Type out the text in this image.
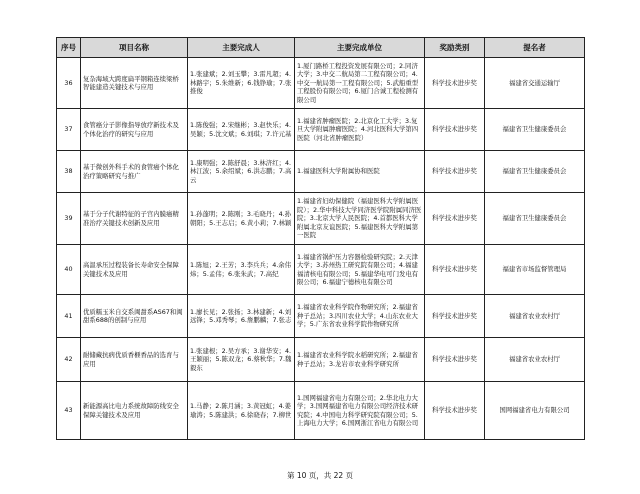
序号	项目名称	主要完成人	主要完成单位	奖励类别	提名者
36	复杂海域大跨度扁平钢箱连续梁桥智能建造关键技术与应用	1.张建斌；2.刘玉攀；3.雷凡超；4.林路宇；5.朱维新；6.钱铮瑜；7.张推俊	1.厦门路桥工程投资发展有限公司；2.同济大学；3.中交二航局第二工程有限公司；4.中交一航局第一工程有限公司；5.武船重型工程股份有限公司；6.厦门合诚工程检测有限公司	科学技术进步奖	福建省交通运输厅
37	食管癌分子影像指导放疗新技术及个体化治疗的研究与应用	1.陈俊强；2.宋继彬；3.赵快乐；4.吴颖；5.沈文斌；6.刘琪；7.许元基	1.福建省肿瘤医院；2.北京化工大学；3.复旦大学附属肿瘤医院；4.河北医科大学第四医院（河北省肿瘤医院）	科学技术进步奖	福建省卫生健康委员会
38	基于微创外科手术的食管癌个体化治疗策略研究与推广	1.康明强；2.陈舒晨；3.林济红；4.林江波；5.余绍斌；6.洪志鹏；7.高云	1.福建医科大学附属协和医院	科学技术进步奖	福建省卫生健康委员会
39	基于分子代谢特征的子宫内膜癌精准治疗关键技术创新及应用	1.孙蓬明；2.陈刚；3.毛晓丹；4.孙朝阳；5.王志启；6.黄小莉；7.林颖	1.福建省妇幼保健院（福建医科大学附属医院）；2.华中科技大学同济医学院附属同济医院；3.北京大学人民医院；4.首都医科大学附属北京友谊医院；5.福建医科大学附属第一医院	科学技术进步奖	福建省卫生健康委员会
40	高温承压过程装备长寿命安全保障关键技术及应用	1.陈旭；2.王芳；3.李兵兵；4.余伟炜；5.孟伟；6.张朱武；7.高纪	1.福建省锅炉压力容器检验研究院；2.天津大学；3.苏州热工研究院有限公司；4.福建福清核电有限公司；5.福建华电可门发电有限公司；6.福建宁德核电有限公司	科学技术进步奖	福建省市场监督管理局
41	优质糯玉米自交系闽甜系AS67和闽甜系688的创制与应用	1.廖长见；2.张扬；3.林建新；4.刘远锋；5.邓秀琴；6.詹鹏麟；7.张志	1.福建省农业科学院作物研究所；2.福建省种子总站；3.四川农业大学；4.山东农业大学；5.广东省农业科学院作物研究所	科学技术进步奖	福建省农业农村厅
42	耐储藏抗病优质香榧香品的选育与应用	1.张建根；2.吴方承；3.谢华安；4.王颖丽；5.陈双龙；6.蔡秋华；7.魏毅东	1.福建省农业科学院水稻研究所；2.福建省种子总站；3.龙岩市农业科学研究所	科学技术进步奖	福建省农业农村厅
43	新能源高比电力系统故障防线安全保障关键技术及应用	1.马静；2.陈月涵；3.黄冠虹；4.姜瑜涛；5.陈建洪；6.徐晓春；7.柳世	1.国网福建省电力有限公司；2.华北电力大学；3.国网福建省电力有限公司经济技术研究院；4.中国电力科学研究院有限公司；5.上海电力大学；6.国网浙江省电力有限公司	科学技术进步奖	国网福建省电力有限公司
第 10 页，共 22 页
